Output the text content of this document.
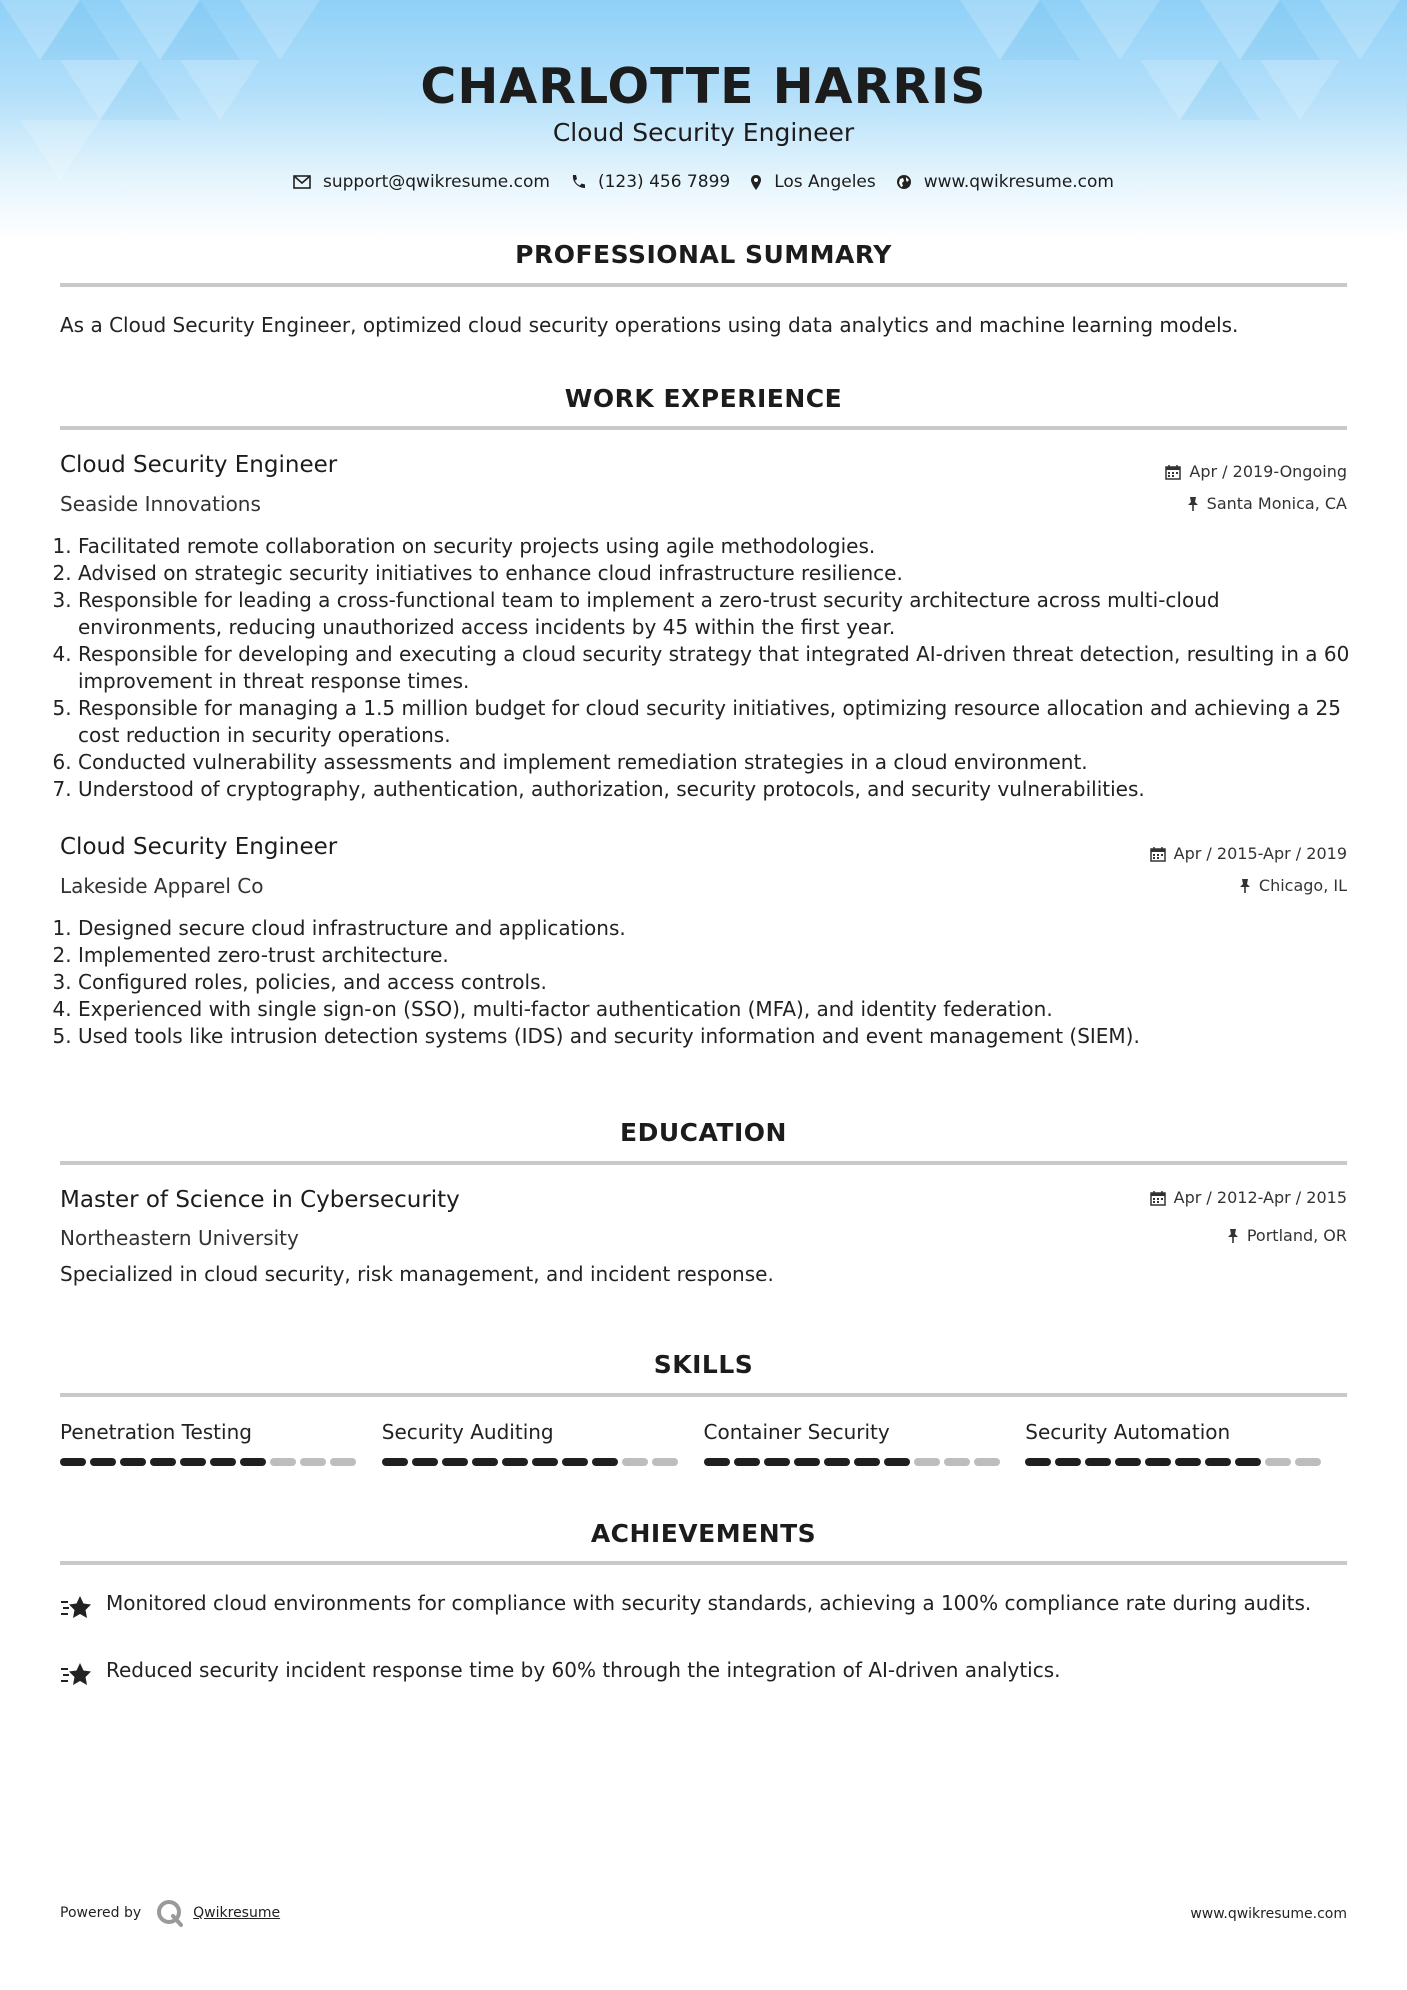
CHARLOTTE HARRIS
Cloud Security Engineer
support@qwikresume.com	(123) 456 7899	Los Angeles	www.qwikresume.com
PROFESSIONAL SUMMARY
As a Cloud Security Engineer, optimized cloud security operations using data analytics and machine learning models.
WORK EXPERIENCE
Cloud Security Engineer
Seaside Innovations
Apr / 2019-Ongoing
Santa Monica, CA
1. Facilitated remote collaboration on security projects using agile methodologies.
2. Advised on strategic security initiatives to enhance cloud infrastructure resilience.
3. Responsible for leading a cross-functional team to implement a zero-trust security architecture across multi-cloud environments, reducing unauthorized access incidents by 45 within the first year.
4. Responsible for developing and executing a cloud security strategy that integrated AI-driven threat detection, resulting in a 60 improvement in threat response times.
5. Responsible for managing a 1.5 million budget for cloud security initiatives, optimizing resource allocation and achieving a 25 cost reduction in security operations.
6. Conducted vulnerability assessments and implement remediation strategies in a cloud environment.
7. Understood of cryptography, authentication, authorization, security protocols, and security vulnerabilities.
Cloud Security Engineer
Lakeside Apparel Co
Apr / 2015-Apr / 2019
Chicago, IL
1. Designed secure cloud infrastructure and applications.
2. Implemented zero-trust architecture.
3. Configured roles, policies, and access controls.
4. Experienced with single sign-on (SSO), multi-factor authentication (MFA), and identity federation.
5. Used tools like intrusion detection systems (IDS) and security information and event management (SIEM).
EDUCATION
Master of Science in Cybersecurity
Northeastern University
Apr / 2012-Apr / 2015
Portland, OR
Specialized in cloud security, risk management, and incident response.
SKILLS
Penetration Testing	Security Auditing	Container Security	Security Automation
ACHIEVEMENTS
Monitored cloud environments for compliance with security standards, achieving a 100% compliance rate during audits.
Reduced security incident response time by 60% through the integration of AI-driven analytics.
Powered by	Qwikresume	www.qwikresume.com
